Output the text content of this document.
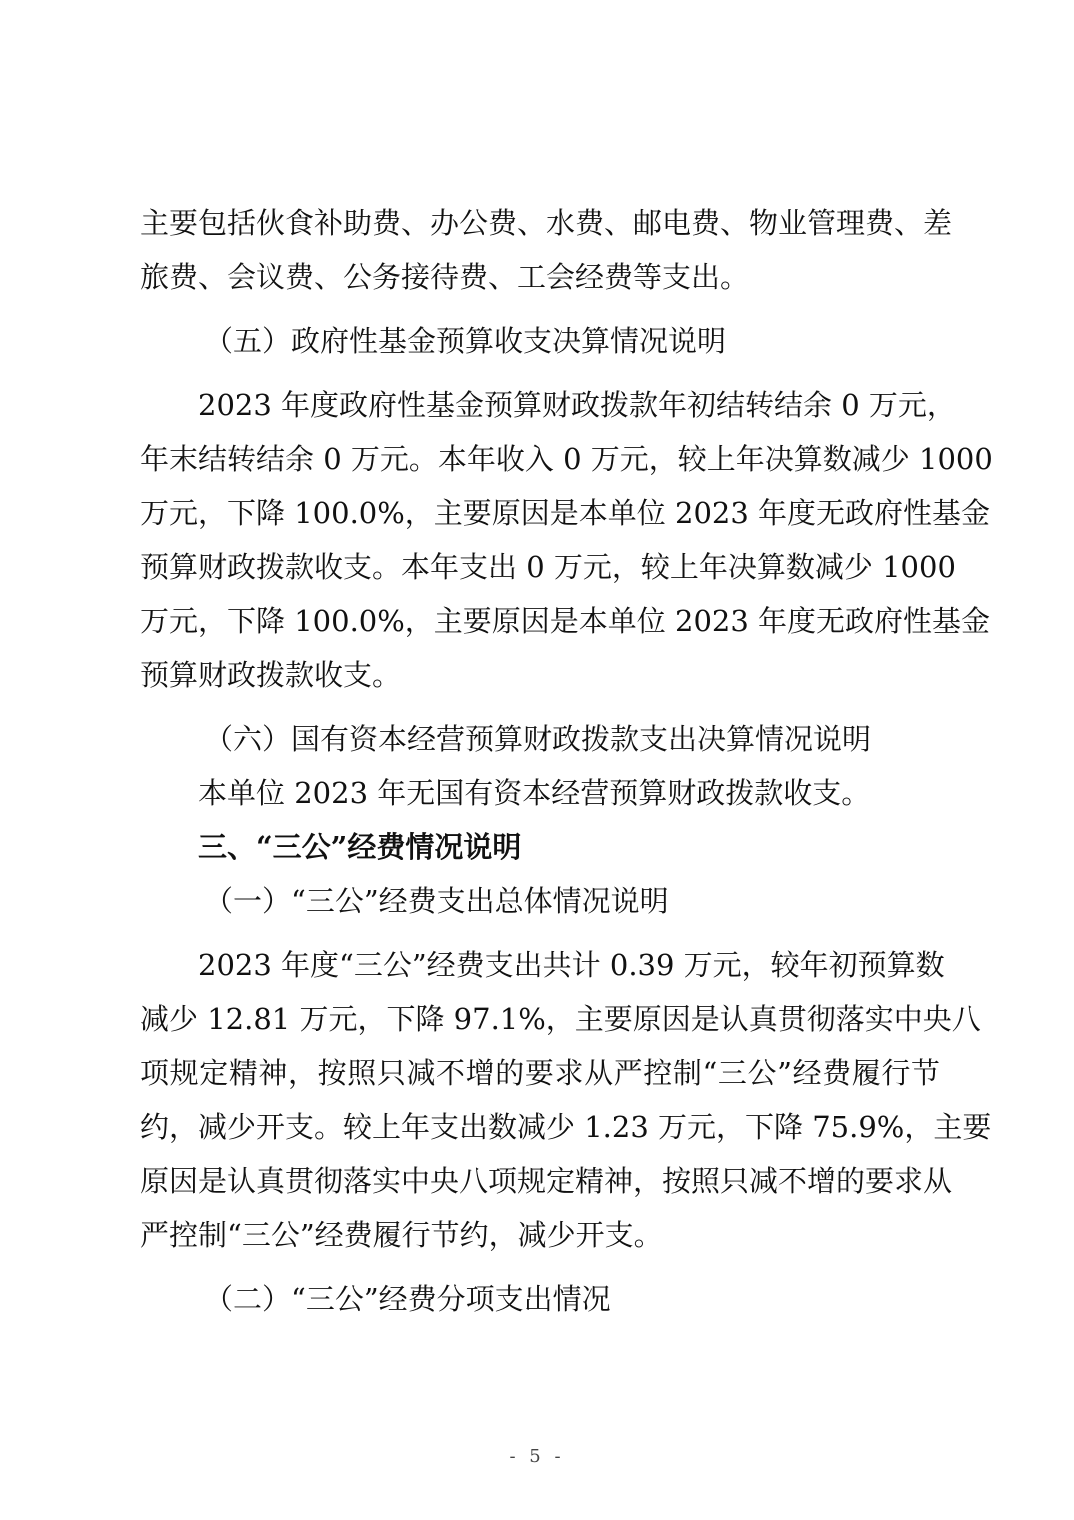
主要包括伙食补助费、办公费、水费、邮电费、物业管理费、差
旅费、会议费、公务接待费、工会经费等支出。
（五）政府性基金预算收支决算情况说明
2023 年度政府性基金预算财政拨款年初结转结余 0 万元，
年末结转结余 0 万元。本年收入 0 万元，较上年决算数减少 1000
万元，下降 100.0%，主要原因是本单位 2023 年度无政府性基金
预算财政拨款收支。本年支出 0 万元，较上年决算数减少 1000
万元，下降 100.0%，主要原因是本单位 2023 年度无政府性基金
预算财政拨款收支。
（六）国有资本经营预算财政拨款支出决算情况说明
本单位 2023 年无国有资本经营预算财政拨款收支。
三、“三公”经费情况说明
（一）“三公”经费支出总体情况说明
2023 年度“三公”经费支出共计 0.39 万元，较年初预算数
减少 12.81 万元，下降 97.1%，主要原因是认真贯彻落实中央八
项规定精神，按照只减不增的要求从严控制“三公”经费履行节
约，减少开支。较上年支出数减少 1.23 万元，下降 75.9%，主要
原因是认真贯彻落实中央八项规定精神，按照只减不增的要求从
严控制“三公”经费履行节约，减少开支。
（二）“三公”经费分项支出情况
- 5 -
